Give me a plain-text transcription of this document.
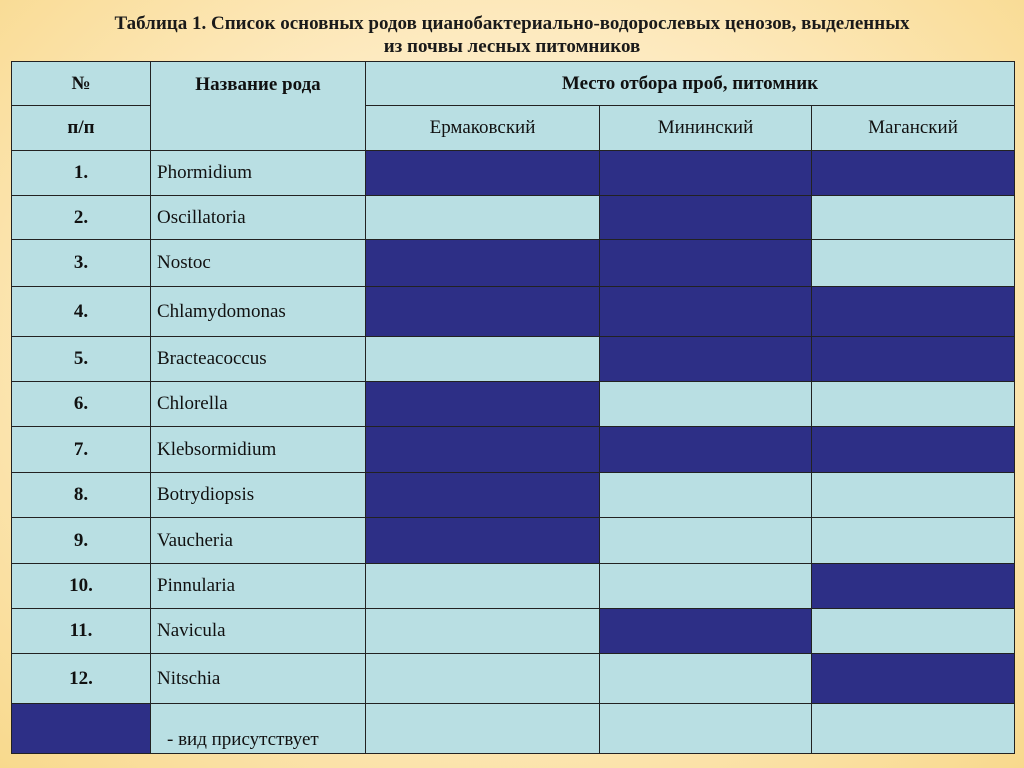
Таблица 1. Список основных родов цианобактериально-водорослевых ценозов, выделенных
из почвы лесных питомников
№	Название рода	Место отбора проб, питомник		
п/п		Ермаковский	Мининский	Маганский
1.	Phormidium			
2.	Oscillatoria			
3.	Nostoc			
4.	Chlamydomonas			
5.	Bracteacoccus			
6.	Chlorella			
7.	Klebsormidium			
8.	Botrydiopsis			
9.	Vaucheria			
10.	Pinnularia			
11.	Navicula			
12.	Nitschia			
	- вид присутствует			
